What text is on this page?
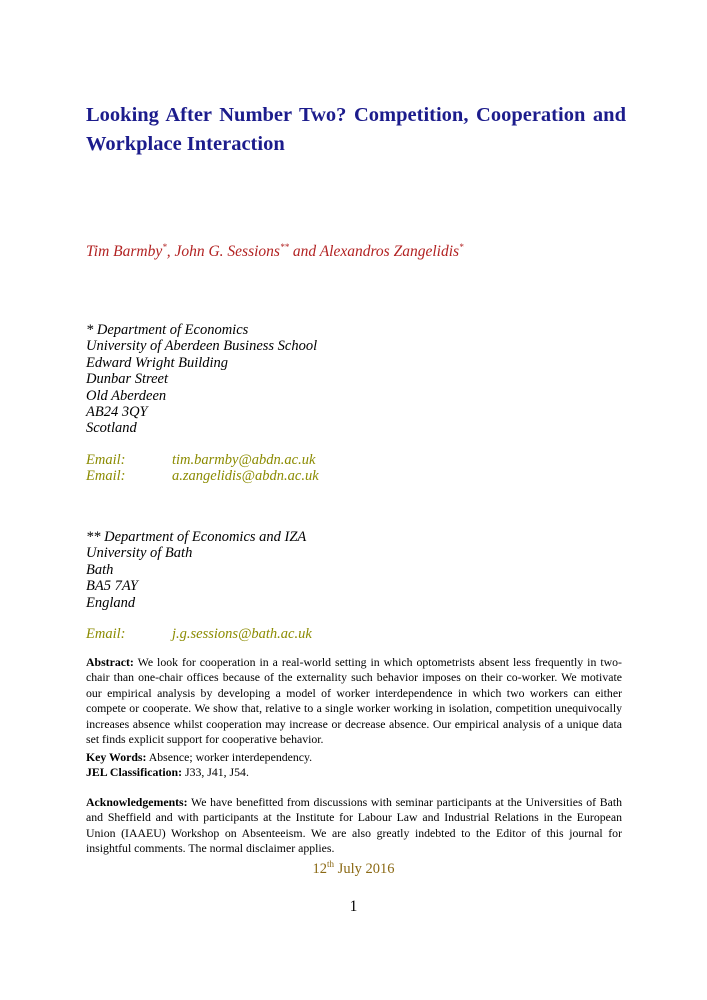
Looking After Number Two? Competition, Cooperation and Workplace Interaction
Tim Barmby*, John G. Sessions** and Alexandros Zangelidis*
* Department of Economics
University of Aberdeen Business School
Edward Wright Building
Dunbar Street
Old Aberdeen
AB24 3QY
Scotland
Email:	tim.barmby@abdn.ac.uk
Email:	a.zangelidis@abdn.ac.uk
** Department of Economics and IZA
University of Bath
Bath
BA5 7AY
England
Email:	j.g.sessions@bath.ac.uk
Abstract: We look for cooperation in a real-world setting in which optometrists absent less frequently in two-chair than one-chair offices because of the externality such behavior imposes on their co-worker. We motivate our empirical analysis by developing a model of worker interdependence in which two workers can either compete or cooperate. We show that, relative to a single worker working in isolation, competition unequivocally increases absence whilst cooperation may increase or decrease absence. Our empirical analysis of a unique data set finds explicit support for cooperative behavior.
Key Words: Absence; worker interdependency.
JEL Classification: J33, J41, J54.
Acknowledgements: We have benefitted from discussions with seminar participants at the Universities of Bath and Sheffield and with participants at the Institute for Labour Law and Industrial Relations in the European Union (IAAEU) Workshop on Absenteeism. We are also greatly indebted to the Editor of this journal for insightful comments. The normal disclaimer applies.
12th July 2016
1
